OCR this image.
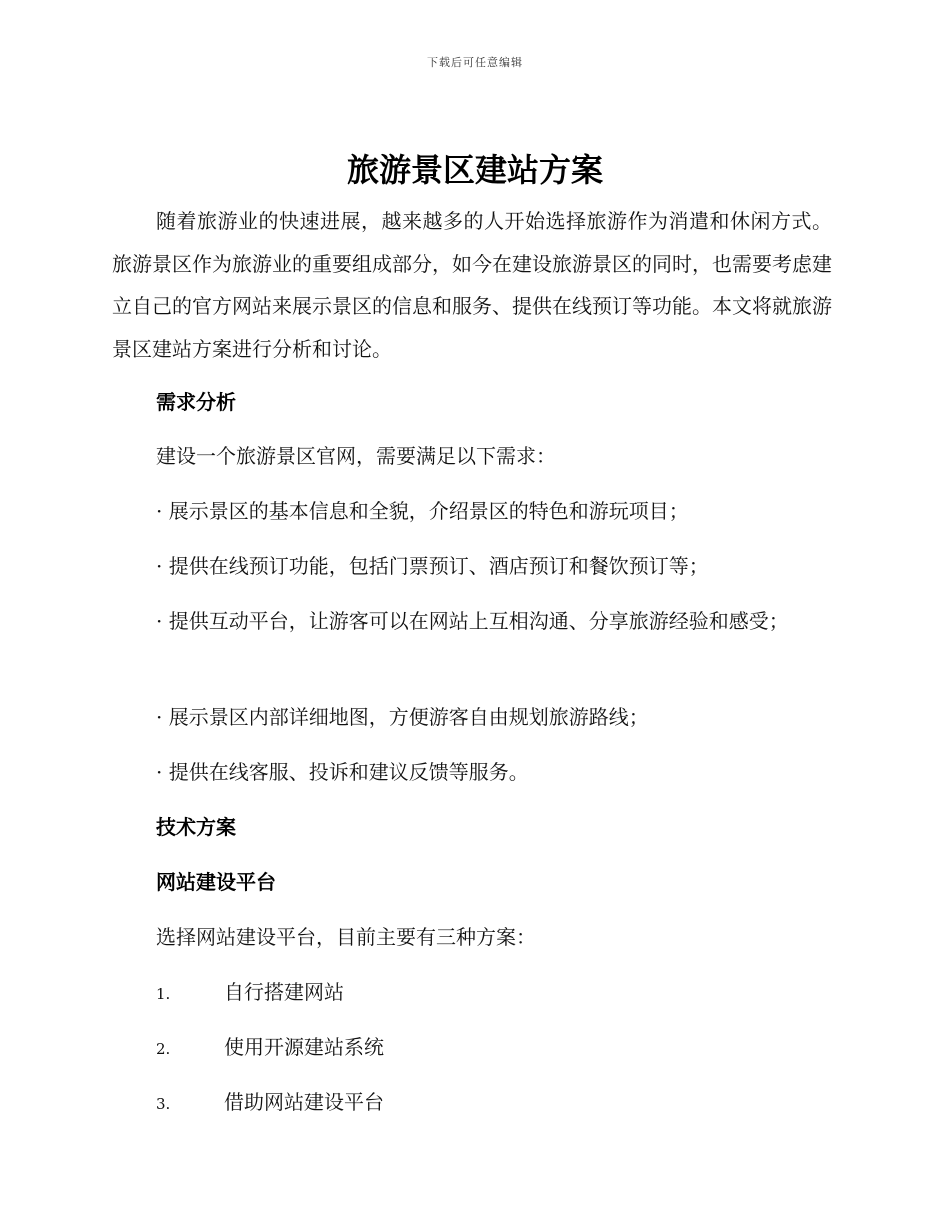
下载后可任意编辑
旅游景区建站方案

随着旅游业的快速进展，越来越多的人开始选择旅游作为消遣和休闲方式。旅游景区作为旅游业的重要组成部分，如今在建设旅游景区的同时，也需要考虑建立自己的官方网站来展示景区的信息和服务、提供在线预订等功能。本文将就旅游景区建站方案进行分析和讨论。

需求分析
建设一个旅游景区官网，需要满足以下需求：
· 展示景区的基本信息和全貌，介绍景区的特色和游玩项目；
· 提供在线预订功能，包括门票预订、酒店预订和餐饮预订等；
· 提供互动平台，让游客可以在网站上互相沟通、分享旅游经验和感受；
· 展示景区内部详细地图，方便游客自由规划旅游路线；
· 提供在线客服、投诉和建议反馈等服务。
技术方案
网站建设平台
选择网站建设平台，目前主要有三种方案：
1.	自行搭建网站
2.	使用开源建站系统
3.	借助网站建设平台
